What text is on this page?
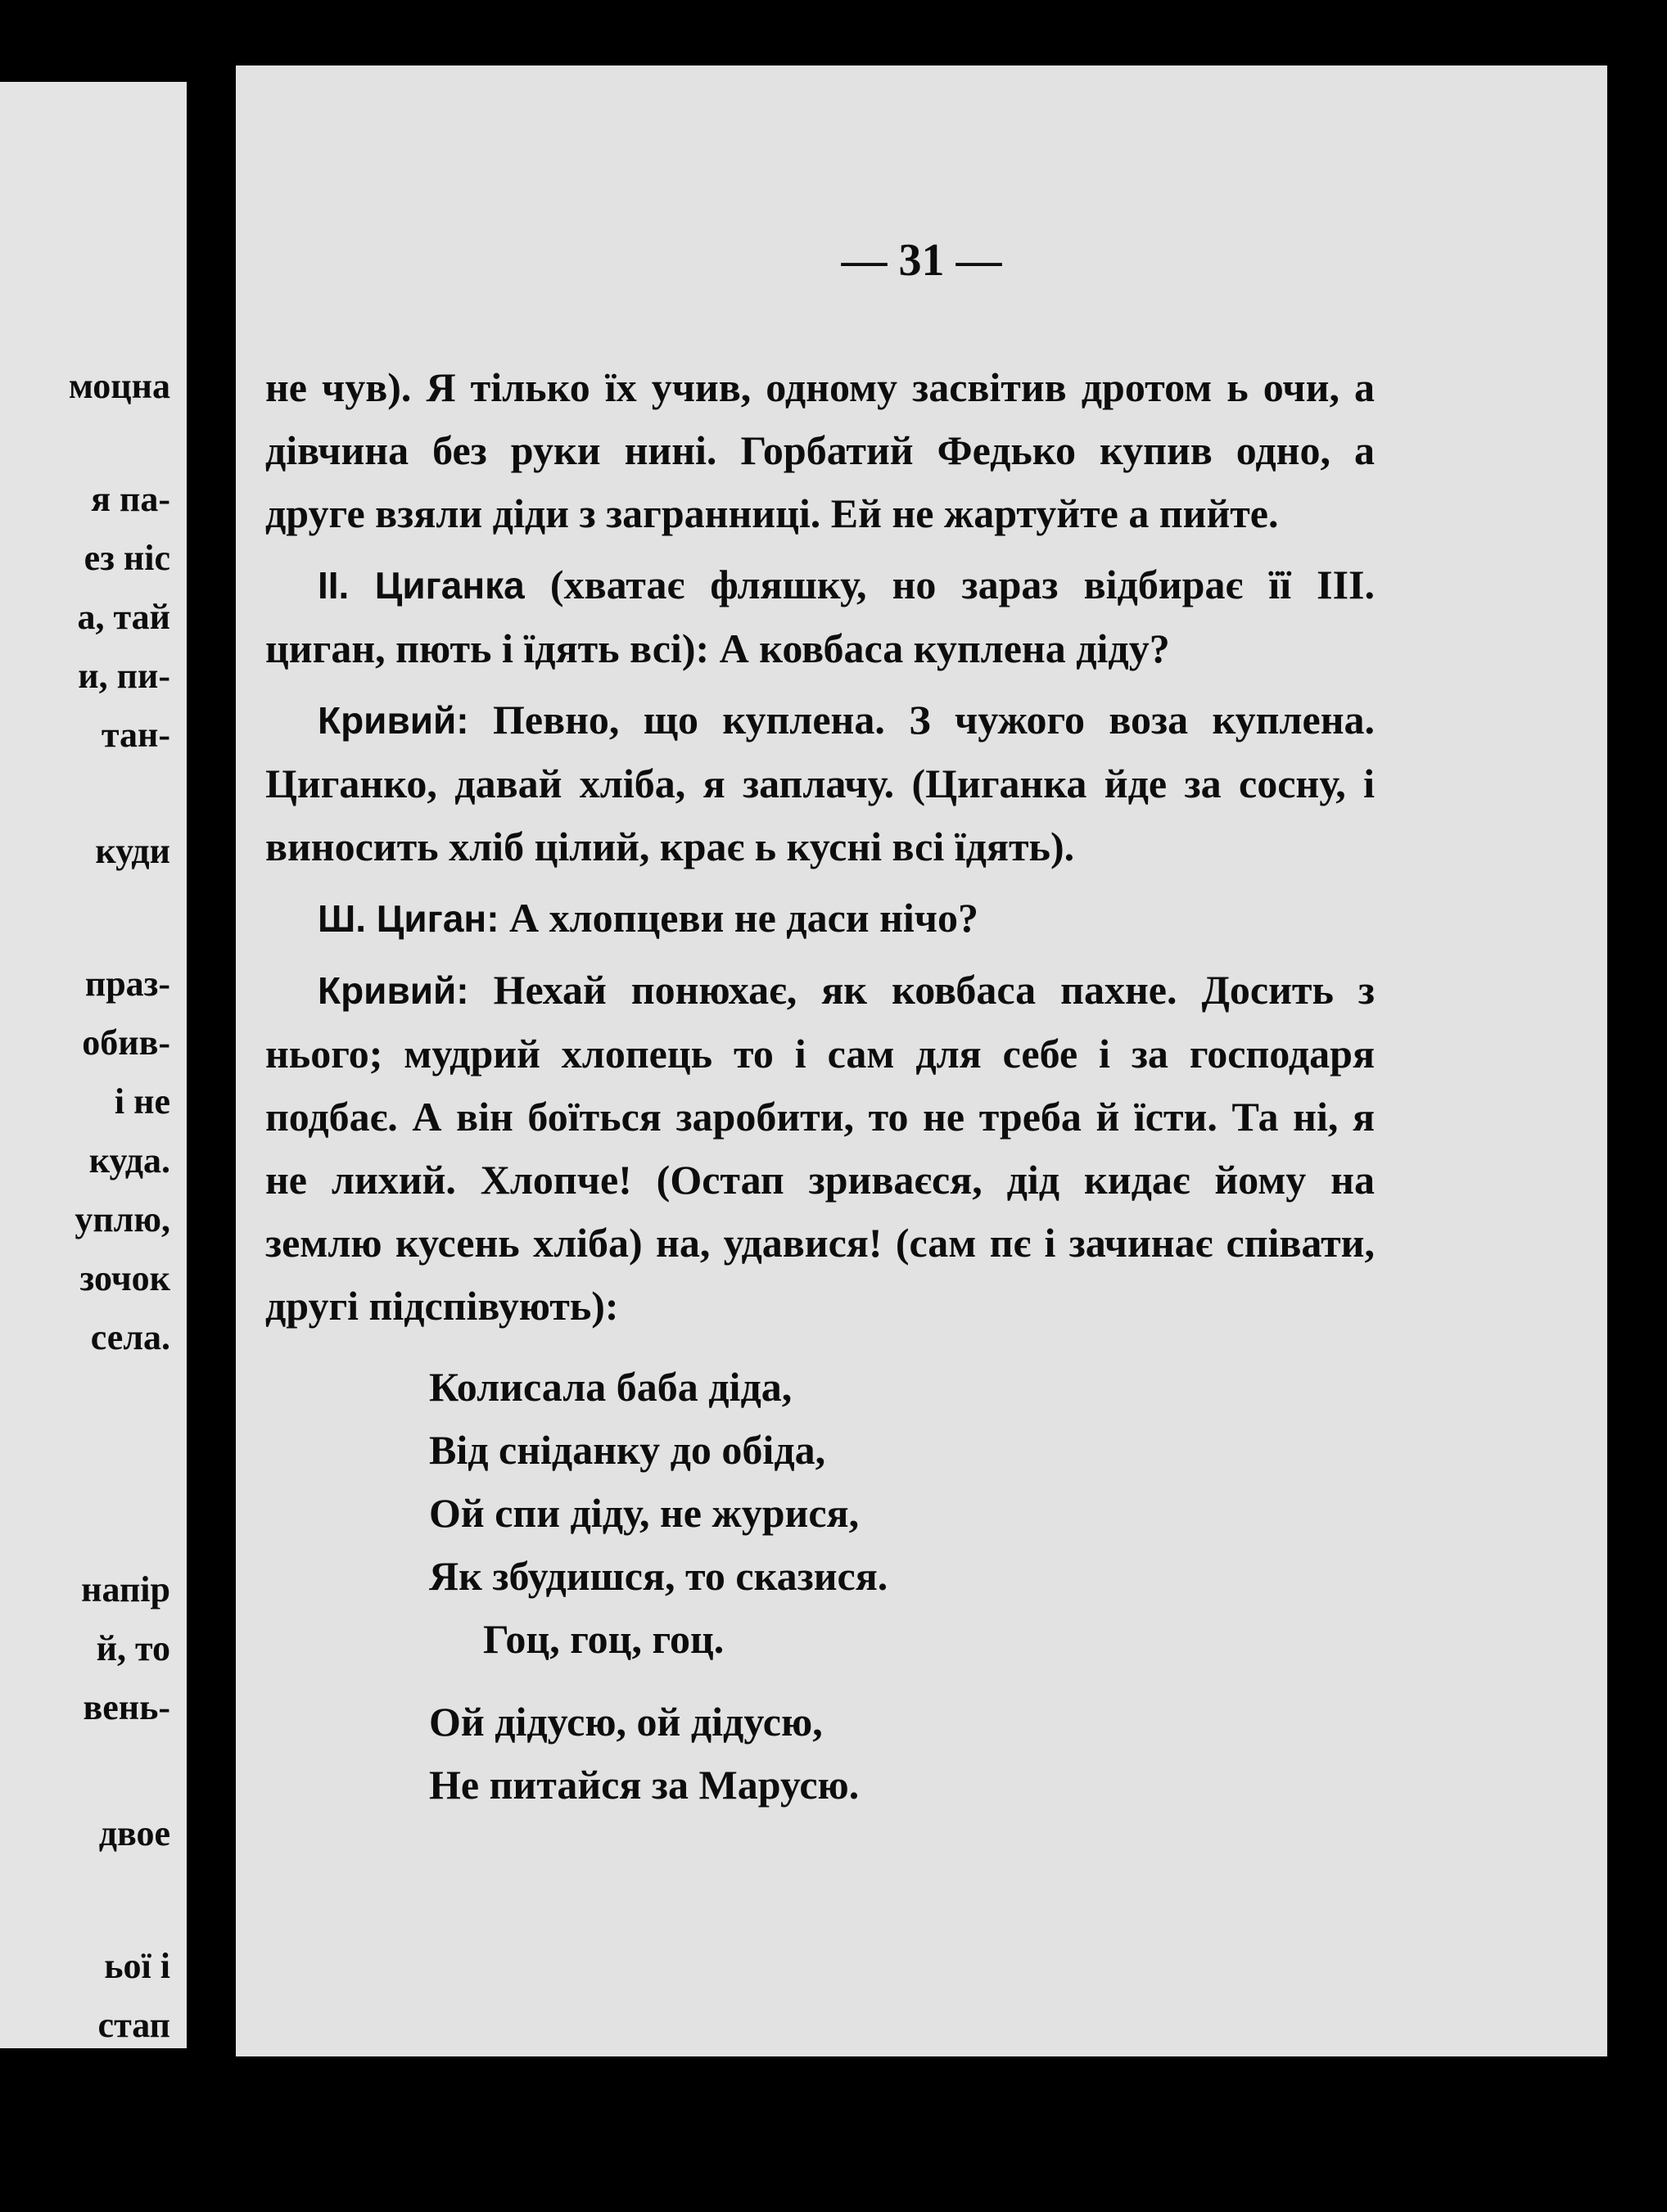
моцна
я па-
ез ніс
а, тай
и, пи-
тан-
куди
праз-
обив-
і не
куда.
уплю,
зочок
села.
напір
й, то
вень-
двое
ьої і
стап
— 31 —

не чув). Я тілько їх учив, одному засвітив дротом ь очи, а дівчина без руки нині. Горбатий Федько купив одно, а друге взяли діди з загранниці. Ей не жартуйте а пийте.

ІІ. Циганка (хватає фляшку, но зараз відбирає її ІІІ. циган, пють і їдять всі): А ковбаса куплена діду?

Кривий: Певно, що куплена. З чужого воза куплена. Циганко, давай хліба, я заплачу. (Циганка йде за сосну, і виносить хліб цілий, крає ь кусні всі їдять).

Ш. Циган: А хлопцеви не даси нічо?

Кривий: Нехай понюхає, як ковбаса пахне. Досить з нього; мудрий хлопець то і сам для себе і за господаря подбає. А він боїться заробити, то не треба й їсти. Та ні, я не лихий. Хлопче! (Остап зриваєся, дід кидає йому на землю кусень хліба) на, удавися! (сам пє і зачинає співати, другі підспівують):

Колисала баба діда,
Від сніданку до обіда,
Ой спи діду, не журися,
Як збудишся, то сказися.
Гоц, гоц, гоц.
Ой дідусю, ой дідусю,
Не питайся за Марусю.
